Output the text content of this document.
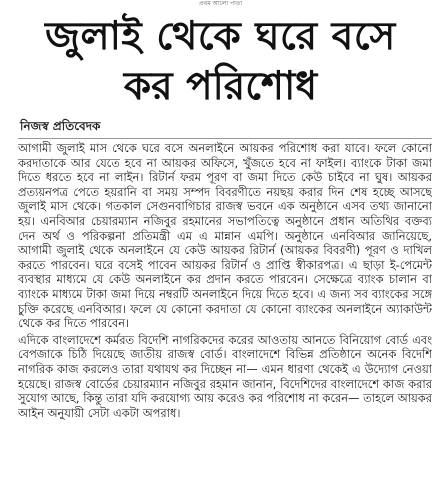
প্রথম আলো পাতা
জুলাই থেকে ঘরে বসে
কর পরিশোধ
নিজস্ব প্রতিবেদক

আগামী জুলাই মাস থেকে ঘরে বসে অনলাইনে আয়কর পরিশোধ করা যাবে। ফলে কোনো করদাতাকে আর যেতে হবে না আয়কর অফিসে, খুঁজতে হবে না ফাইল। ব্যাংকে টাকা জমা দিতে ধরতে হবে না লাইন। রিটার্ন ফরম পূরণ বা জমা দিতে কেউ চাইবে না ঘুষ। আয়কর প্রত্যয়নপত্র পেতে হয়রানি বা সময় সম্পদ বিবরণীতে নয়ছয় করার দিন শেষ হচ্ছে আসছে জুলাই মাস থেকে। গতকাল সেগুনবাগিচার রাজস্ব ভবনে এক অনুষ্ঠানে এসব তথ্য জানানো হয়। এনবিআর চেয়ারম্যান নজিবুর রহমানের সভাপতিত্বে অনুষ্ঠানে প্রধান অতিথির বক্তব্য দেন অর্থ ও পরিকল্পনা প্রতিমন্ত্রী এম এ মান্নান এমপি। অনুষ্ঠানে এনবিআর জানিয়েছে, আগামী জুলাই থেকে অনলাইনে যে কেউ আয়কর রিটার্ন (আয়কর বিবরণী) পূরণ ও দাখিল করতে পারবেন। ঘরে বসেই পাবেন আয়কর রিটার্ন ও প্রাপ্তি স্বীকারপত্র। এ ছাড়া ই-পেমেন্ট ব্যবস্থার মাধ্যমে যে কেউ অনলাইনে কর প্রদান করতে পারবেন। সেক্ষেত্রে ব্যাংক চালান বা ব্যাংকে মাধ্যমে টাকা জমা দিয়ে নম্বরটি অনলাইনে দিয়ে দিতে হবে। এ জন্য সব ব্যাংকের সঙ্গে চুক্তি করেছে এনবিআর। ফলে যে কোনো করদাতা যে কোনো ব্যাংকের অনলাইনে অ্যাকাউন্ট থেকে কর দিতে পারবেন।

এদিকে বাংলাদেশে কর্মরত বিদেশি নাগরিকদের করের আওতায় আনতে বিনিয়োগ বোর্ড এবং বেপজাকে চিঠি দিয়েছে জাতীয় রাজস্ব বোর্ড। বাংলাদেশে বিভিন্ন প্রতিষ্ঠানে অনেক বিদেশি নাগরিক কাজ করলেও তারা যথাযথ কর দিচ্ছেন না— এমন ধারণা থেকেই এ উদ্যোগ নেওয়া হয়েছে। রাজস্ব বোর্ডের চেয়ারম্যান নজিবুর রহমান জানান, বিদেশিদের বাংলাদেশে কাজ করার সুযোগ আছে, কিন্তু তারা যদি করযোগ্য আয় করেও কর পরিশোধ না করেন— তাহলে আয়কর আইন অনুযায়ী সেটা একটা অপরাধ।
